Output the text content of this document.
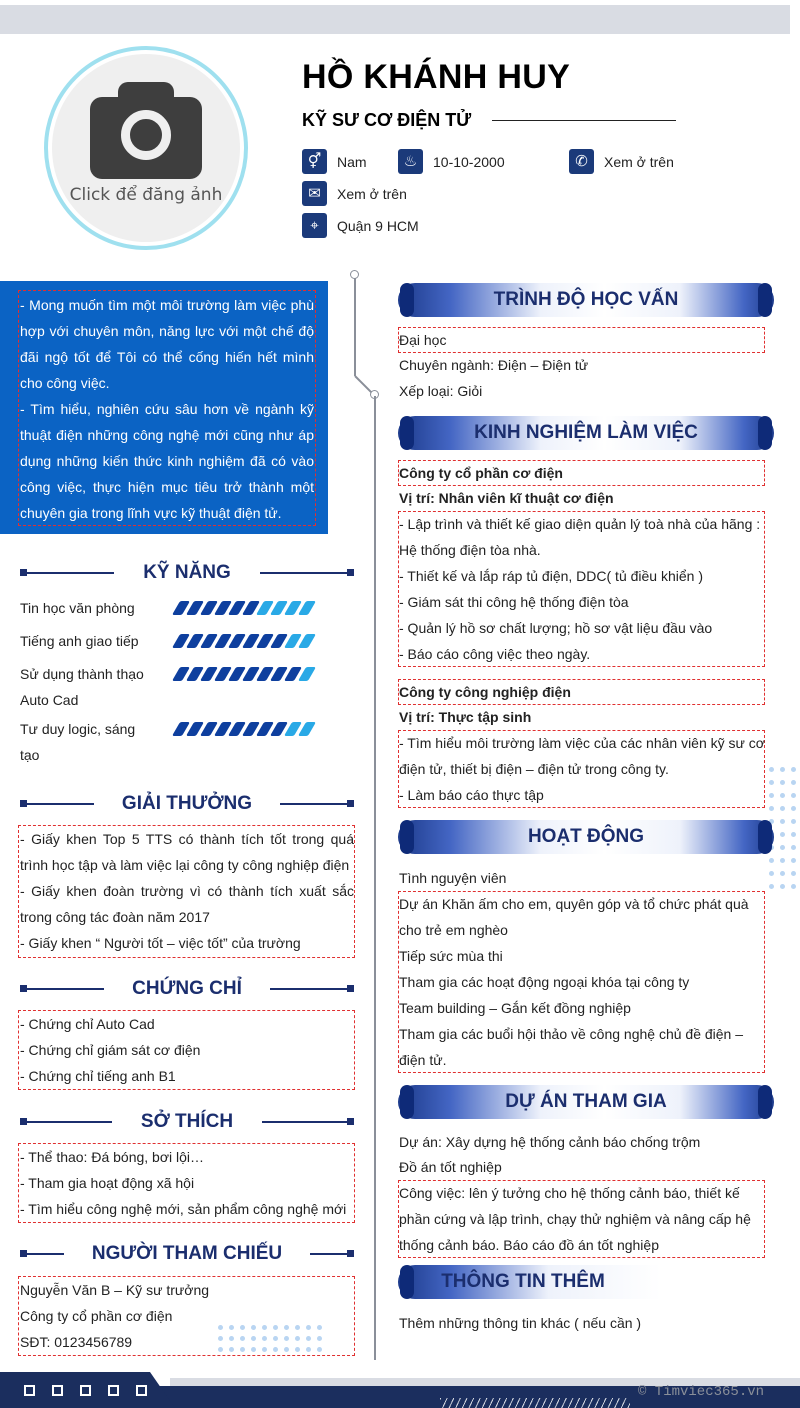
Click để đăng ảnh
HỒ KHÁNH HUY
KỸ SƯ CƠ ĐIỆN TỬ
⚥	Nam	♨	10-10-2000	✆	Xem ở trên
✉	Xem ở trên
⌖	Quận 9 HCM
- Mong muốn tìm một môi trường làm việc phù hợp với chuyên môn, năng lực với một chế độ đãi ngộ tốt để Tôi có thể cống hiến hết mình cho công việc.
- Tìm hiểu, nghiên cứu sâu hơn về ngành kỹ thuật điện những công nghệ mới cũng như áp dụng những kiến thức kinh nghiệm đã có vào công việc, thực hiện mục tiêu trở thành một chuyên gia trong lĩnh vực kỹ thuật điện tử.
KỸ NĂNG
Tin học văn phòng
Tiếng anh giao tiếp
Sử dụng thành thạo Auto Cad
Tư duy logic, sáng tạo
GIẢI THƯỞNG
- Giấy khen Top 5 TTS có thành tích tốt trong quá trình học tập và làm việc lại công ty công nghiệp điện
- Giấy khen đoàn trường vì có thành tích xuất sắc trong công tác đoàn năm 2017
- Giấy khen “ Người tốt – việc tốt” của trường
CHỨNG CHỈ
- Chứng chỉ Auto Cad
- Chứng chỉ giám sát cơ điện
- Chứng chỉ tiếng anh B1
SỞ THÍCH
- Thể thao: Đá bóng, bơi lội…
- Tham gia hoạt động xã hội
- Tìm hiểu công nghệ mới, sản phẩm công nghệ mới
NGƯỜI THAM CHIẾU
Nguyễn Văn B – Kỹ sư trưởng
Công ty cổ phần cơ điện
SĐT: 0123456789
TRÌNH ĐỘ HỌC VẤN
Đại học
Chuyên ngành: Điện – Điện tử
Xếp loại: Giỏi
KINH NGHIỆM LÀM VIỆC
Công ty cổ phần cơ điện
Vị trí: Nhân viên kĩ thuật cơ điện
- Lập trình và thiết kế giao diện quản lý toà nhà của hãng :
Hệ thống điện tòa nhà.
- Thiết kế và lắp ráp tủ điện, DDC( tủ điều khiển )
- Giám sát thi công hệ thống điện tòa
- Quản lý hồ sơ chất lượng; hồ sơ vật liệu đầu vào
- Báo cáo công việc theo ngày.
Công ty công nghiệp điện
Vị trí: Thực tập sinh
- Tìm hiểu môi trường làm việc của các nhân viên kỹ sư cơ
điện tử, thiết bị điện – điện tử trong công ty.
- Làm báo cáo thực tập
HOẠT ĐỘNG
Tình nguyện viên
Dự án Khăn ấm cho em, quyên góp và tổ chức phát quà
cho trẻ em nghèo
Tiếp sức mùa thi
Tham gia các hoạt động ngoại khóa tại công ty
Team building – Gắn kết đồng nghiệp
Tham gia các buổi hội thảo về công nghệ chủ đề điện –
điện tử.
DỰ ÁN THAM GIA
Dự án: Xây dựng hệ thống cảnh báo chống trộm
Đồ án tốt nghiệp
Công việc: lên ý tưởng cho hệ thống cảnh báo, thiết kế
phần cứng và lập trình, chạy thử nghiệm và nâng cấp hệ
thống cảnh báo. Báo cáo đồ án tốt nghiệp
THÔNG TIN THÊM
Thêm những thông tin khác ( nếu cần )
© Timviec365.vn
